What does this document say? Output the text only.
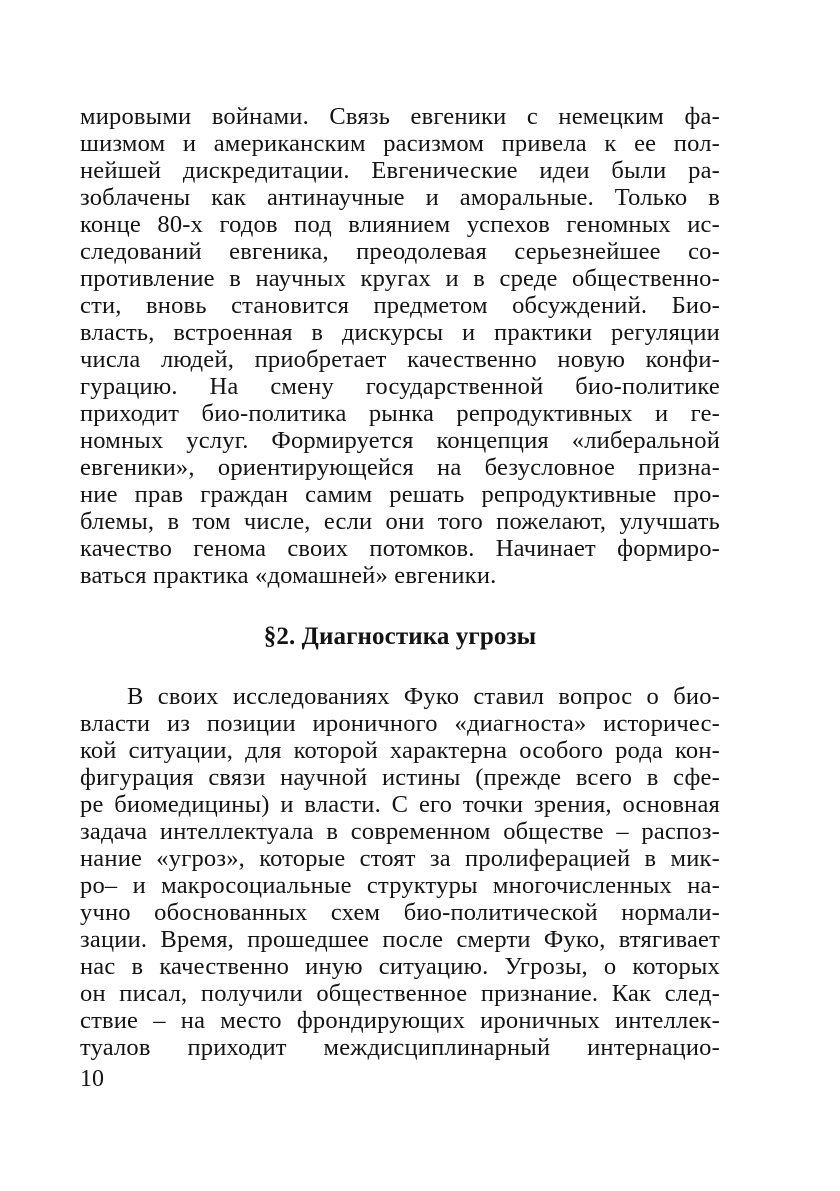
мировыми войнами. Связь евгеники с немецким фа-
шизмом и американским расизмом привела к ее пол-
нейшей дискредитации. Евгенические идеи были ра-
зоблачены как антинаучные и аморальные. Только в
конце 80-х годов под влиянием успехов геномных ис-
следований евгеника, преодолевая серьезнейшее со-
противление в научных кругах и в среде общественно-
сти, вновь становится предметом обсуждений. Био-
власть, встроенная в дискурсы и практики регуляции
числа людей, приобретает качественно новую конфи-
гурацию. На смену государственной био-политике
приходит био-политика рынка репродуктивных и ге-
номных услуг. Формируется концепция «либеральной
евгеники», ориентирующейся на безусловное призна-
ние прав граждан самим решать репродуктивные про-
блемы, в том числе, если они того пожелают, улучшать
качество генома своих потомков. Начинает формиро-
ваться практика «домашней» евгеники.
§2. Диагностика угрозы
В своих исследованиях Фуко ставил вопрос о био-
власти из позиции ироничного «диагноста» историчес-
кой ситуации, для которой характерна особого рода кон-
фигурация связи научной истины (прежде всего в сфе-
ре биомедицины) и власти. С его точки зрения, основная
задача интеллектуала в современном обществе – распоз-
нание «угроз», которые стоят за пролиферацией в мик-
ро– и макросоциальные структуры многочисленных на-
учно обоснованных схем био-политической нормали-
зации. Время, прошедшее после смерти Фуко, втягивает
нас в качественно иную ситуацию. Угрозы, о которых
он писал, получили общественное признание. Как след-
ствие – на место фрондирующих ироничных интеллек-
туалов приходит междисциплинарный интернацио-
10
